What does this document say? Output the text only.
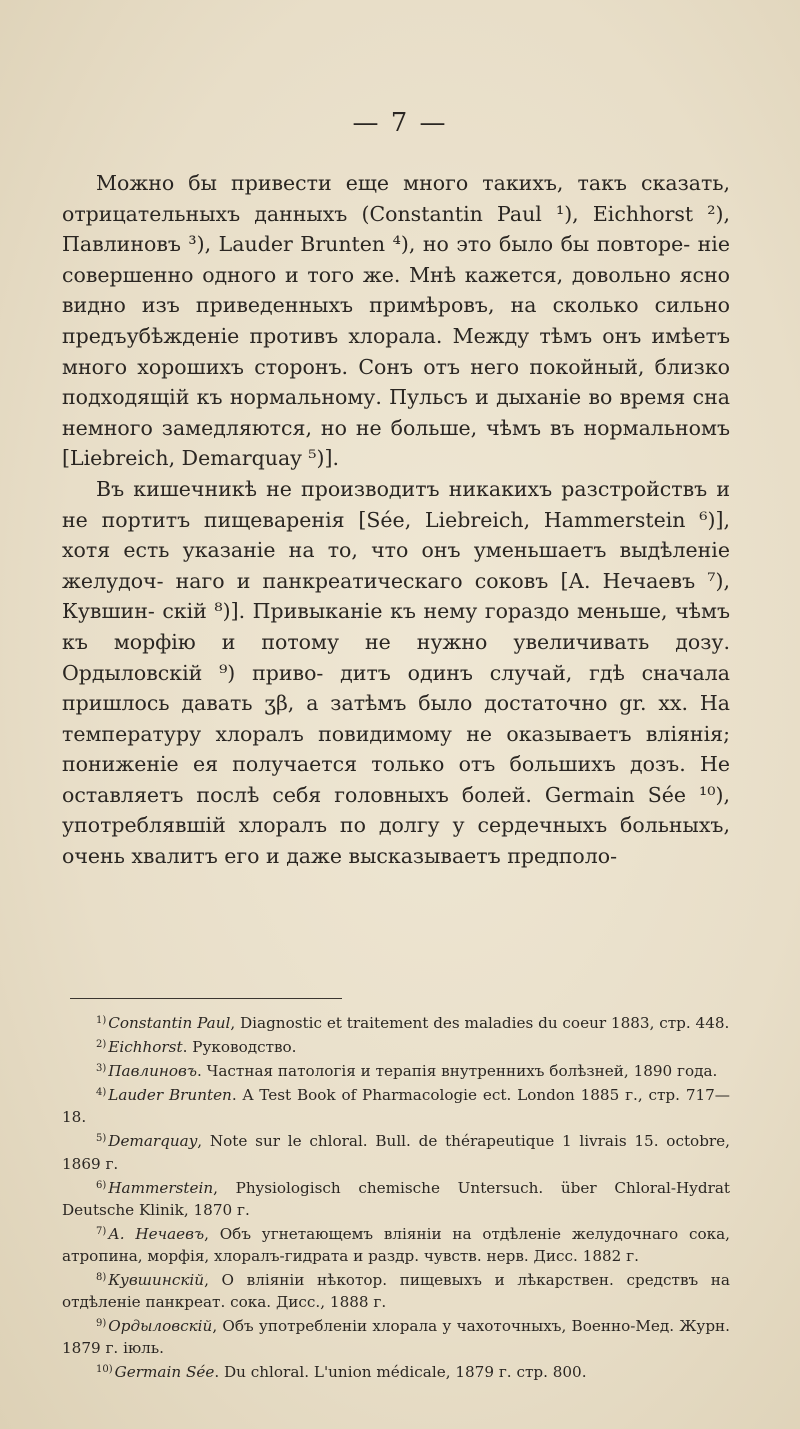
— 7 —

Можно бы привести еще много такихъ, такъ сказать, отрицательныхъ данныхъ (Constantin Paul ¹), Eichhorst ²), Павлиновъ ³), Lauder Brunten ⁴), но это было бы повторе- ніе совершенно одного и того же. Мнѣ кажется, довольно ясно видно изъ приведенныхъ примѣровъ, на сколько сильно предъубѣжденіе противъ хлорала. Между тѣмъ онъ имѣетъ много хорошихъ сторонъ. Сонъ отъ него покойный, близко подходящій къ нормальному. Пульсъ и дыханіе во время сна немного замедляются, но не больше, чѣмъ въ нормальномъ [Liebreich, Demarquay ⁵)].

Въ кишечникѣ не производитъ никакихъ разстройствъ и не портитъ пищеваренія [Sée, Liebreich, Hammerstein ⁶)], хотя есть указаніе на то, что онъ уменьшаетъ выдѣленіе желудоч- наго и панкреатическаго соковъ [А. Нечаевъ ⁷), Кувшин- скій ⁸)]. Привыканіе къ нему гораздо меньше, чѣмъ къ морфію и потому не нужно увеличивать дозу. Ордыловскій ⁹) приво- дитъ одинъ случай, гдѣ сначала пришлось давать ʒβ, а затѣмъ было достаточно gr. xx. На температуру хлоралъ повидимому не оказываетъ вліянія; пониженіе ея получается только отъ большихъ дозъ. Не оставляетъ послѣ себя головныхъ болей. Germain Sée ¹⁰), употреблявшій хлоралъ по долгу у сердечныхъ больныхъ, очень хвалитъ его и даже высказываетъ предполо-

$^{1)}$ Constantin Paul, Diagnostic et traitement des maladies du coeur 1883, стр. 448.

$^{2)}$ Eichhorst. Руководство.

$^{3)}$ Павлиновъ. Частная патологія и терапія внутреннихъ болѣзней, 1890 года.

$^{4)}$ Lauder Brunten. A Test Book of Pharmacologie ect. London 1885 г., стр. 717—18.

$^{5)}$ Demarquay, Note sur le chloral. Bull. de thérapeutique 1 livrais 15. octobre, 1869 г.

$^{6)}$ Hammerstein, Physiologisch chemische Untersuch. über Chloral-Hydrat Deutsche Klinik, 1870 г.

$^{7)}$ А. Нечаевъ, Объ угнетающемъ вліяніи на отдѣленіе желудочнаго сока, атропина, морфія, хлоралъ-гидрата и раздр. чувств. нерв. Дисс. 1882 г.

$^{8)}$ Кувшинскій, О вліяніи нѣкотор. пищевыхъ и лѣкарствен. средствъ на отдѣленіе панкреат. сока. Дисс., 1888 г.

$^{9)}$ Ордыловскій, Объ употребленіи хлорала у чахоточныхъ, Военно-Мед. Журн. 1879 г. іюль.

$^{10)}$ Germain Sée. Du chloral. L'union médicale, 1879 г. стр. 800.
